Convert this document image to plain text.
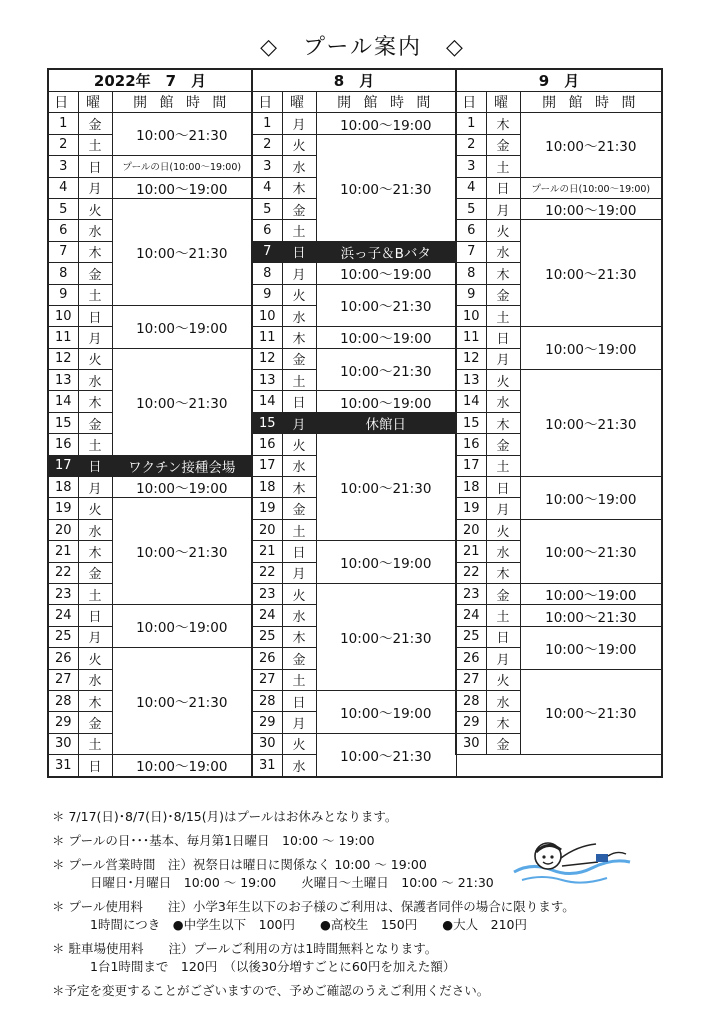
◇　プール案内　◇
2022年　7　月			8　月			9　月		
日	曜	開 館 時 間	日	曜	開 館 時 間	日	曜	開 館 時 間
1	金	10:00～21:30	1	月	10:00～19:00	1	木	10:00～21:30
2	土		2	火	10:00～21:30	2	金	
3	日	プールの日(10:00～19:00)	3	水		3	土	
4	月	10:00～19:00	4	木		4	日	プールの日(10:00～19:00)
5	火	10:00～21:30	5	金		5	月	10:00～19:00
6	水		6	土		6	火	10:00～21:30
7	木		7	日	浜っ子＆Bバタ	7	水	
8	金		8	月	10:00～19:00	8	木	
9	土		9	火	10:00～21:30	9	金	
10	日	10:00～19:00	10	水		10	土	
11	月		11	木	10:00～19:00	11	日	10:00～19:00
12	火	10:00～21:30	12	金	10:00～21:30	12	月	
13	水		13	土		13	火	10:00～21:30
14	木		14	日	10:00～19:00	14	水	
15	金		15	月	休館日	15	木	
16	土		16	火	10:00～21:30	16	金	
17	日	ワクチン接種会場	17	水		17	土	
18	月	10:00～19:00	18	木		18	日	10:00～19:00
19	火	10:00～21:30	19	金		19	月	
20	水		20	土		20	火	10:00～21:30
21	木		21	日	10:00～19:00	21	水	
22	金		22	月		22	木	
23	土		23	火	10:00～21:30	23	金	10:00～19:00
24	日	10:00～19:00	24	水		24	土	10:00～21:30
25	月		25	木		25	日	10:00～19:00
26	火	10:00～21:30	26	金		26	月	
27	水		27	土		27	火	10:00～21:30
28	木		28	日	10:00～19:00	28	水	
29	金		29	月		29	木	
30	土		30	火	10:00～21:30	30	金	
31	日	10:00～19:00	31	水				
＊ 7/17(日)･8/7(日)･8/15(月)はプールはお休みとなります。
＊ プールの日･･･基本、毎月第1日曜日　10:00 ～ 19:00
＊ プール営業時間　注）祝祭日は曜日に関係なく 10:00 ～ 19:00
日曜日･月曜日　10:00 ～ 19:00　　火曜日～土曜日　10:00 ～ 21:30
＊ プール使用料　　注）小学3年生以下のお子様のご利用は、保護者同伴の場合に限ります。
1時間につき　●中学生以下　100円　　●高校生　150円　　●大人　210円
＊ 駐車場使用料　　注）プールご利用の方は1時間無料となります。
1台1時間まで　120円　（以後30分増すごとに60円を加えた額）
＊予定を変更することがございますので、予めご確認のうえご利用ください。
